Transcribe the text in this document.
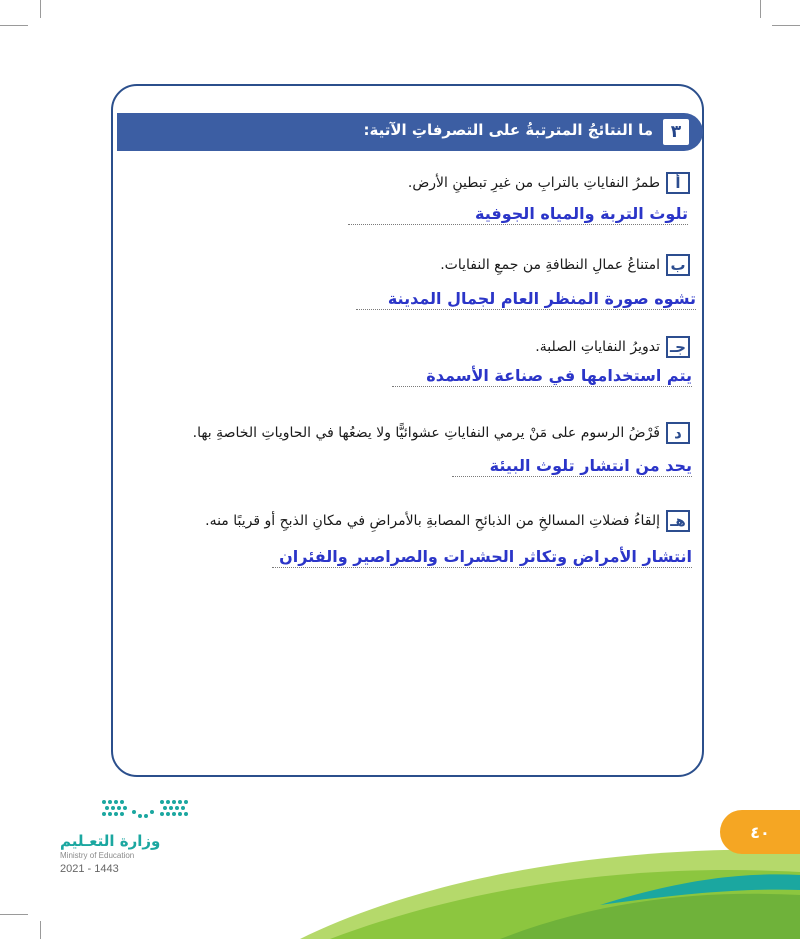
٣
ما النتائجُ المترتبةُ على التصرفاتِ الآتية:
أ
طمرُ النفاياتِ بالترابِ من غيرِ تبطينِ الأرض.
تلوث التربة والمياه الجوفية
ب
امتناعُ عمالِ النظافةِ من جمعِ النفايات.
تشوه صورة المنظر العام لجمال المدينة
جـ
تدويرُ النفاياتِ الصلبة.
يتم استخدامها في صناعة الأسمدة
د
فَرْضُ الرسوم على مَنْ يرمي النفاياتِ عشوائيًّا ولا يضعُها في الحاوياتِ الخاصةِ بها.
يحد من انتشار تلوث البيئة
هـ
إلقاءُ فضلاتِ المسالخِ من الذبائحِ المصابةِ بالأمراضِ في مكانِ الذبحِ أو قريبًا منه.
انتشار الأمراض وتكاثر الحشرات والصراصير والفئران
وزارة التعـليم
Ministry of Education
2021 - 1443
٤٠
